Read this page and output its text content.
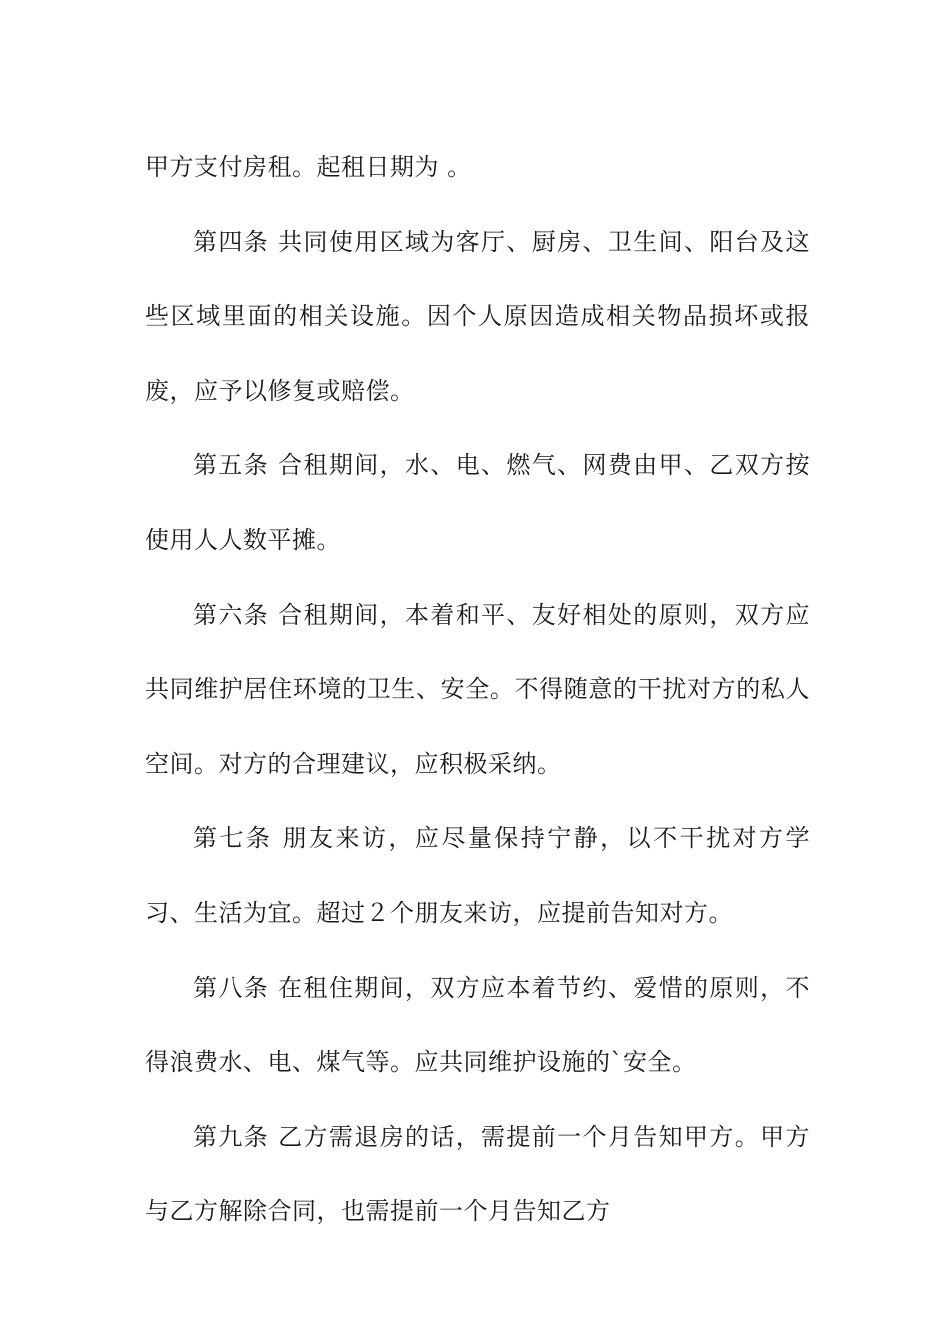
甲方支付房租。起租日期为 。

第四条 共同使用区域为客厅、厨房、卫生间、阳台及这些区域里面的相关设施。因个人原因造成相关物品损坏或报废，应予以修复或赔偿。

第五条 合租期间，水、电、燃气、网费由甲、乙双方按使用人人数平摊。

第六条 合租期间，本着和平、友好相处的原则，双方应共同维护居住环境的卫生、安全。不得随意的干扰对方的私人空间。对方的合理建议，应积极采纳。

第七条 朋友来访，应尽量保持宁静，以不干扰对方学习、生活为宜。超过２个朋友来访，应提前告知对方。

第八条 在租住期间，双方应本着节约、爱惜的原则，不得浪费水、电、煤气等。应共同维护设施的`安全。

第九条 乙方需退房的话，需提前一个月告知甲方。甲方与乙方解除合同，也需提前一个月告知乙方
